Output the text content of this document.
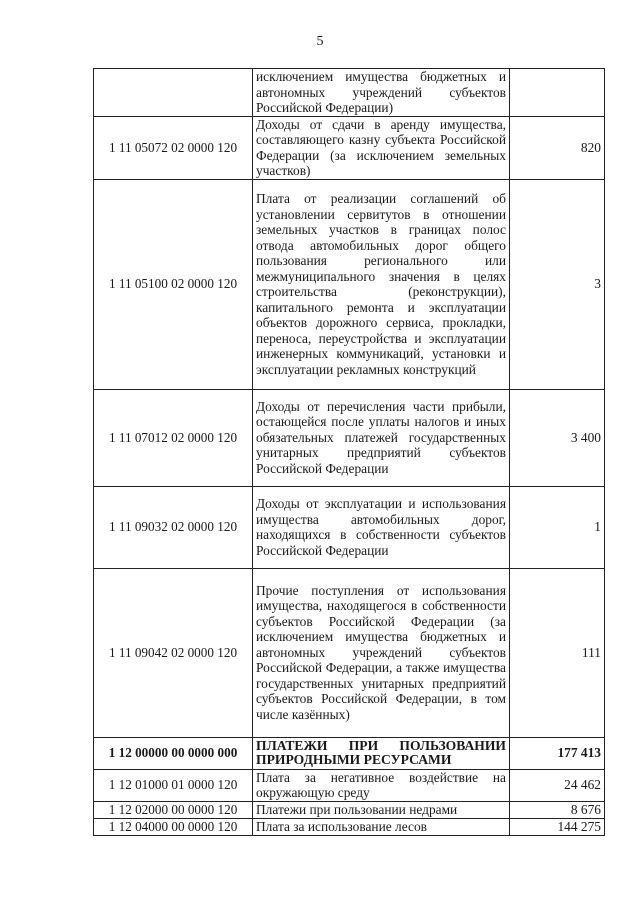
5
	исключением имущества бюджетных и автономных учреждений субъектов Российской Федерации)	
1 11 05072 02 0000 120	Доходы от сдачи в аренду имущества, составляющего казну субъекта Российской Федерации (за исключением земельных участков)	820
1 11 05100 02 0000 120	Плата от реализации соглашений об установлении сервитутов в отношении земельных участков в границах полос отвода автомобильных дорог общего пользования регионального или межмуниципального значения в целях строительства (реконструкции), капитального ремонта и эксплуатации объектов дорожного сервиса, прокладки, переноса, переустройства и эксплуатации инженерных коммуникаций, установки и эксплуатации рекламных конструкций	3
1 11 07012 02 0000 120	Доходы от перечисления части прибыли, остающейся после уплаты налогов и иных обязательных платежей государственных унитарных предприятий субъектов Российской Федерации	3 400
1 11 09032 02 0000 120	Доходы от эксплуатации и использования имущества автомобильных дорог, находящихся в собственности субъектов Российской Федерации	1
1 11 09042 02 0000 120	Прочие поступления от использования имущества, находящегося в собственности субъектов Российской Федерации (за исключением имущества бюджетных и автономных учреждений субъектов Российской Федерации, а также имущества государственных унитарных предприятий субъектов Российской Федерации, в том числе казённых)	111
1 12 00000 00 0000 000	ПЛАТЕЖИ ПРИ ПОЛЬЗОВАНИИ ПРИРОДНЫМИ РЕСУРСАМИ	177 413
1 12 01000 01 0000 120	Плата за негативное воздействие на окружающую среду	24 462
1 12 02000 00 0000 120	Платежи при пользовании недрами	8 676
1 12 04000 00 0000 120	Плата за использование лесов	144 275
